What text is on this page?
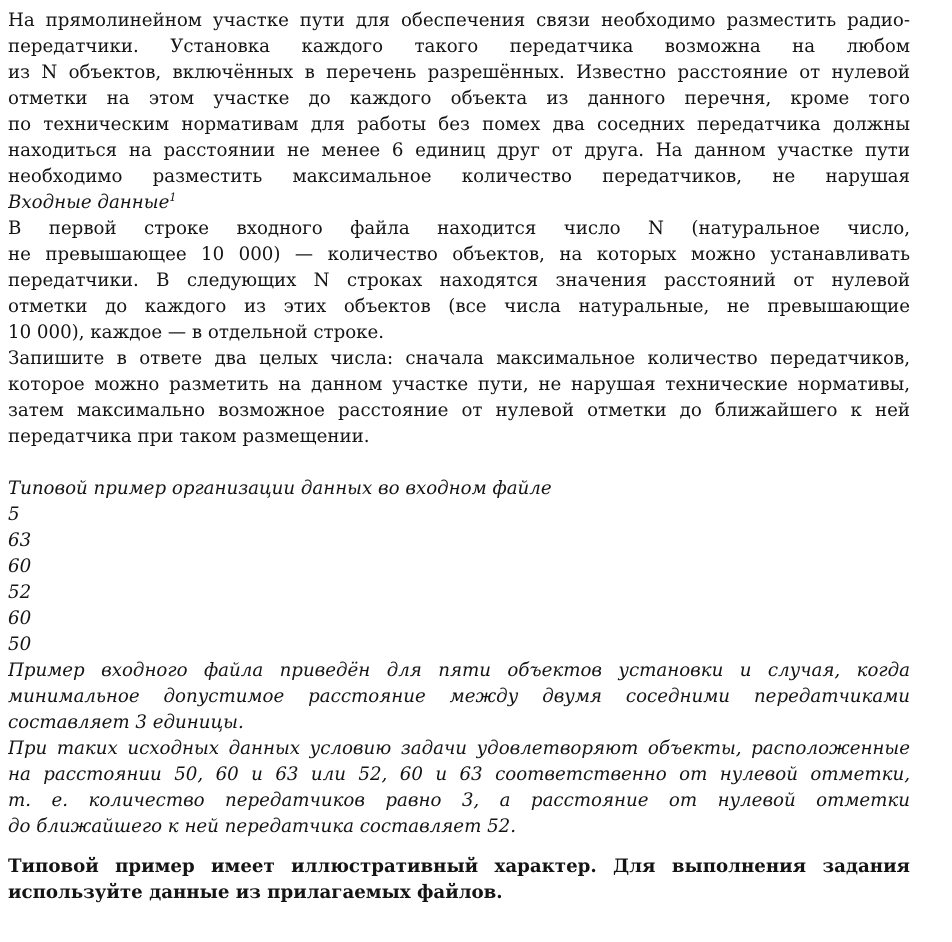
На прямолинейном участке пути для обеспечения связи необходимо разместить радио-
передатчики. Установка каждого такого передатчика возможна на любом
из N объектов, включённых в перечень разрешённых. Известно расстояние от нулевой
отметки на этом участке до каждого объекта из данного перечня, кроме того
по техническим нормативам для работы без помех два соседних передатчика должны
находиться на расстоянии не менее 6 единиц друг от друга. На данном участке пути
необходимо разместить максимальное количество передатчиков, не нарушая
Входные данные$^1$
В первой строке входного файла находится число N (натуральное число,
не превышающее 10 000) — количество объектов, на которых можно устанавливать
передатчики. В следующих N строках находятся значения расстояний от нулевой
отметки до каждого из этих объектов (все числа натуральные, не превышающие
10 000), каждое — в отдельной строке.
Запишите в ответе два целых числа: сначала максимальное количество передатчиков,
которое можно разметить на данном участке пути, не нарушая технические нормативы,
затем максимально возможное расстояние от нулевой отметки до ближайшего к ней
передатчика при таком размещении.
Типовой пример организации данных во входном файле
5
63
60
52
60
50
Пример входного файла приведён для пяти объектов установки и случая, когда
минимальное допустимое расстояние между двумя соседними передатчиками
составляет 3 единицы.
При таких исходных данных условию задачи удовлетворяют объекты, расположенные
на расстоянии 50, 60 и 63 или 52, 60 и 63 соответственно от нулевой отметки,
т. е. количество передатчиков равно 3, а расстояние от нулевой отметки
до ближайшего к ней передатчика составляет 52.
Типовой пример имеет иллюстративный характер. Для выполнения задания
используйте данные из прилагаемых файлов.
